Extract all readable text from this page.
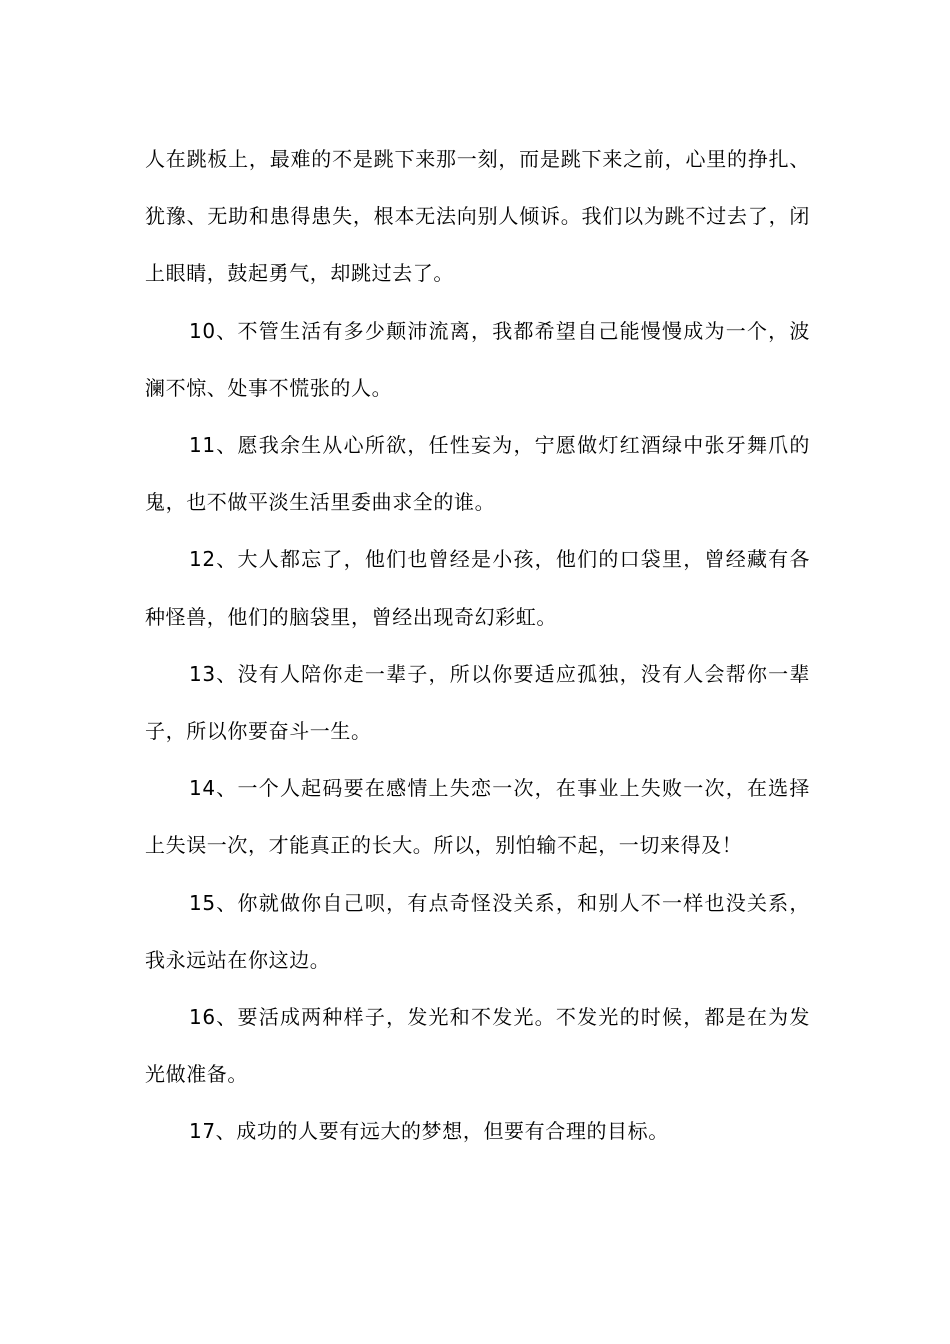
人在跳板上，最难的不是跳下来那一刻，而是跳下来之前，心里的挣扎、犹豫、无助和患得患失，根本无法向别人倾诉。我们以为跳不过去了，闭上眼睛，鼓起勇气，却跳过去了。

10、不管生活有多少颠沛流离，我都希望自己能慢慢成为一个，波澜不惊、处事不慌张的人。

11、愿我余生从心所欲，任性妄为，宁愿做灯红酒绿中张牙舞爪的鬼，也不做平淡生活里委曲求全的谁。

12、大人都忘了，他们也曾经是小孩，他们的口袋里，曾经藏有各种怪兽，他们的脑袋里，曾经出现奇幻彩虹。

13、没有人陪你走一辈子，所以你要适应孤独，没有人会帮你一辈子，所以你要奋斗一生。

14、一个人起码要在感情上失恋一次，在事业上失败一次，在选择上失误一次，才能真正的长大。所以，别怕输不起，一切来得及！

15、你就做你自己呗，有点奇怪没关系，和别人不一样也没关系，我永远站在你这边。

16、要活成两种样子，发光和不发光。不发光的时候，都是在为发光做准备。

17、成功的人要有远大的梦想，但要有合理的目标。
